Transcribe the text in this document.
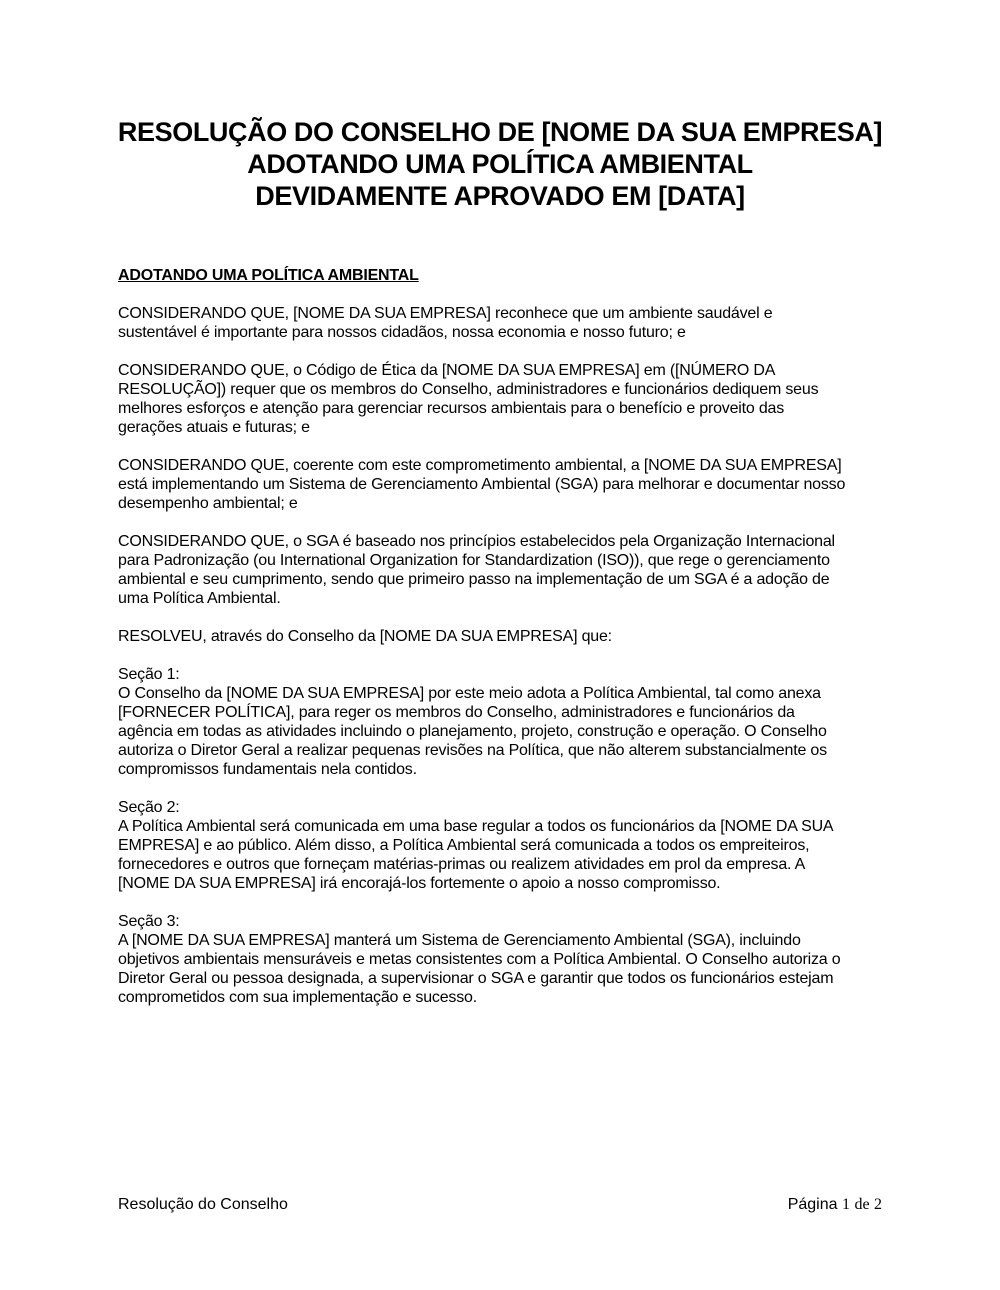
RESOLUÇÃO DO CONSELHO DE [NOME DA SUA EMPRESA]
ADOTANDO UMA POLÍTICA AMBIENTAL
DEVIDAMENTE APROVADO EM [DATA]
ADOTANDO UMA POLÍTICA AMBIENTAL
CONSIDERANDO QUE, [NOME DA SUA EMPRESA] reconhece que um ambiente saudável e
sustentável é importante para nossos cidadãos, nossa economia e nosso futuro; e
CONSIDERANDO QUE, o Código de Ética da [NOME DA SUA EMPRESA] em ([NÚMERO DA
RESOLUÇÃO]) requer que os membros do Conselho, administradores e funcionários dediquem seus
melhores esforços e atenção para gerenciar recursos ambientais para o benefício e proveito das
gerações atuais e futuras; e
CONSIDERANDO QUE, coerente com este comprometimento ambiental, a [NOME DA SUA EMPRESA]
está implementando um Sistema de Gerenciamento Ambiental (SGA) para melhorar e documentar nosso
desempenho ambiental; e
CONSIDERANDO QUE, o SGA é baseado nos princípios estabelecidos pela Organização Internacional
para Padronização (ou International Organization for Standardization (ISO)), que rege o gerenciamento
ambiental e seu cumprimento, sendo que primeiro passo na implementação de um SGA é a adoção de
uma Política Ambiental.
RESOLVEU, através do Conselho da [NOME DA SUA EMPRESA] que:
Seção 1:
O Conselho da [NOME DA SUA EMPRESA] por este meio adota a Política Ambiental, tal como anexa
[FORNECER POLÍTICA], para reger os membros do Conselho, administradores e funcionários da
agência em todas as atividades incluindo o planejamento, projeto, construção e operação. O Conselho
autoriza o Diretor Geral a realizar pequenas revisões na Política, que não alterem substancialmente os
compromissos fundamentais nela contidos.
Seção 2:
A Política Ambiental será comunicada em uma base regular a todos os funcionários da [NOME DA SUA
EMPRESA] e ao público. Além disso, a Política Ambiental será comunicada a todos os empreiteiros,
fornecedores e outros que forneçam matérias-primas ou realizem atividades em prol da empresa. A
[NOME DA SUA EMPRESA] irá encorajá-los fortemente o apoio a nosso compromisso.
Seção 3:
A [NOME DA SUA EMPRESA] manterá um Sistema de Gerenciamento Ambiental (SGA), incluindo
objetivos ambientais mensuráveis e metas consistentes com a Política Ambiental. O Conselho autoriza o
Diretor Geral ou pessoa designada, a supervisionar o SGA e garantir que todos os funcionários estejam
comprometidos com sua implementação e sucesso.
Resolução do Conselho	Página 1 de 2
